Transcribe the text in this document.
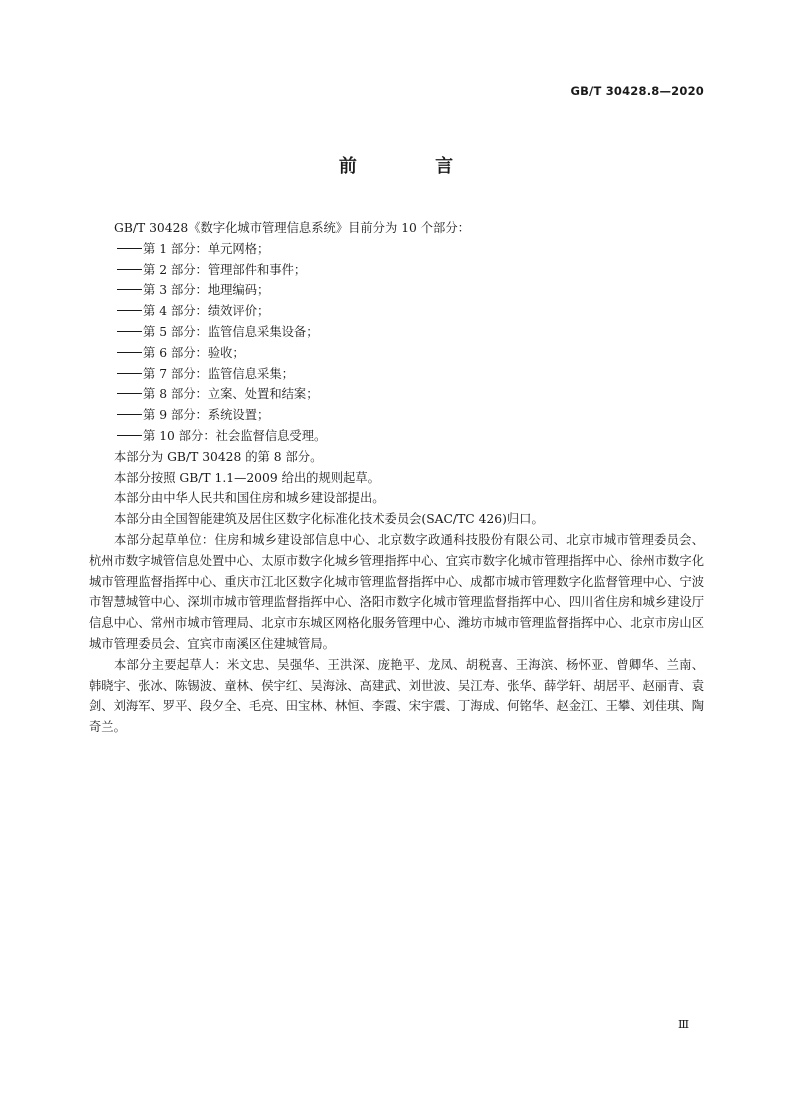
GB/T 30428.8—2020
前 言

GB/T 30428《数字化城市管理信息系统》目前分为 10 个部分：

第 1 部分：单元网格；

第 2 部分：管理部件和事件；

第 3 部分：地理编码；

第 4 部分：绩效评价；

第 5 部分：监管信息采集设备；

第 6 部分：验收；

第 7 部分：监管信息采集；

第 8 部分：立案、处置和结案；

第 9 部分：系统设置；

第 10 部分：社会监督信息受理。

本部分为 GB/T 30428 的第 8 部分。

本部分按照 GB/T 1.1—2009 给出的规则起草。

本部分由中华人民共和国住房和城乡建设部提出。

本部分由全国智能建筑及居住区数字化标准化技术委员会(SAC/TC 426)归口。

本部分起草单位：住房和城乡建设部信息中心、北京数字政通科技股份有限公司、北京市城市管理委员会、杭州市数字城管信息处置中心、太原市数字化城乡管理指挥中心、宜宾市数字化城市管理指挥中心、徐州市数字化城市管理监督指挥中心、重庆市江北区数字化城市管理监督指挥中心、成都市城市管理数字化监督管理中心、宁波市智慧城管中心、深圳市城市管理监督指挥中心、洛阳市数字化城市管理监督指挥中心、四川省住房和城乡建设厅信息中心、常州市城市管理局、北京市东城区网格化服务管理中心、潍坊市城市管理监督指挥中心、北京市房山区城市管理委员会、宜宾市南溪区住建城管局。

本部分主要起草人：米文忠、吴强华、王洪深、庞艳平、龙凤、胡税喜、王海滨、杨怀亚、曾卿华、兰南、韩晓宇、张冰、陈锡波、童林、侯宇红、吴海泳、高建武、刘世波、吴江寿、张华、薛学轩、胡居平、赵丽青、袁剑、刘海军、罗平、段夕全、毛亮、田宝林、林恒、李霞、宋宇震、丁海成、何铭华、赵金江、王攀、刘佳琪、陶奇兰。

Ⅲ
